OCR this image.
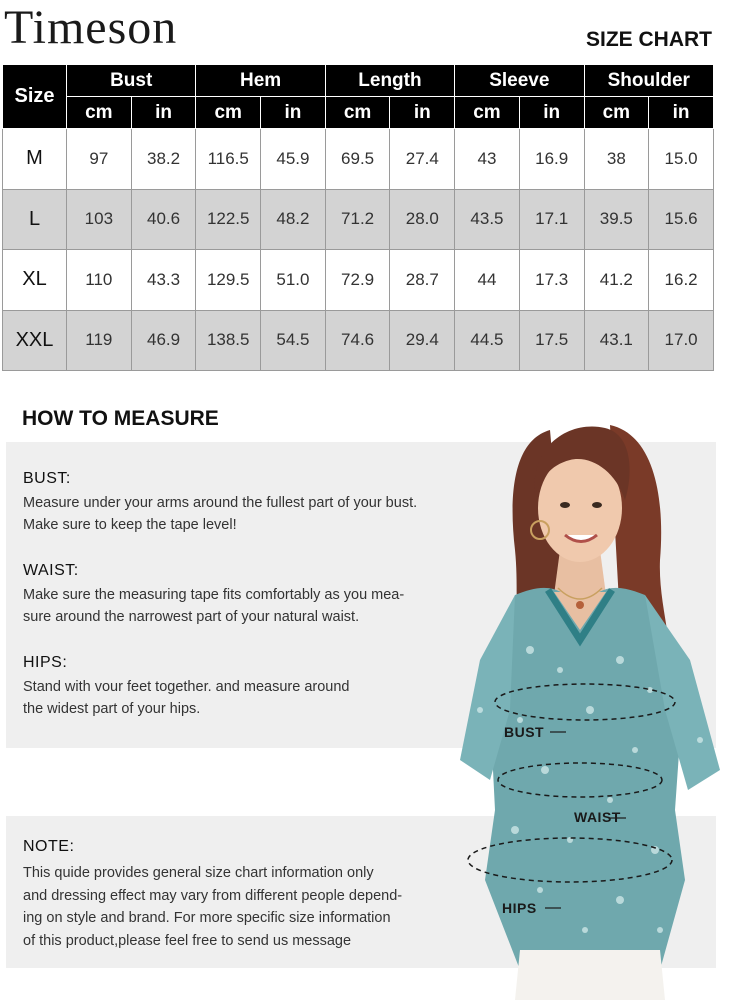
Timeson	SIZE CHART
Size	Bust		Hem		Length		Sleeve		Shoulder	
	cm	in	cm	in	cm	in	cm	in	cm	in
M	97	38.2	116.5	45.9	69.5	27.4	43	16.9	38	15.0
L	103	40.6	122.5	48.2	71.2	28.0	43.5	17.1	39.5	15.6
XL	110	43.3	129.5	51.0	72.9	28.7	44	17.3	41.2	16.2
XXL	119	46.9	138.5	54.5	74.6	29.4	44.5	17.5	43.1	17.0
HOW TO MEASURE
BUST:
Measure under your arms around the fullest part of your bust.
Make sure to keep the tape level!
WAIST:
Make sure the measuring tape fits comfortably as you mea-
sure around the narrowest part of your natural waist.
HIPS:
Stand with vour feet together. and measure around
the widest part of your hips.
NOTE:
This quide provides general size chart information only
and dressing effect may vary from different people depend-
ing on style and brand. For more specific size information
of this product,please feel free to send us message
BUST
WAIST
HIPS
